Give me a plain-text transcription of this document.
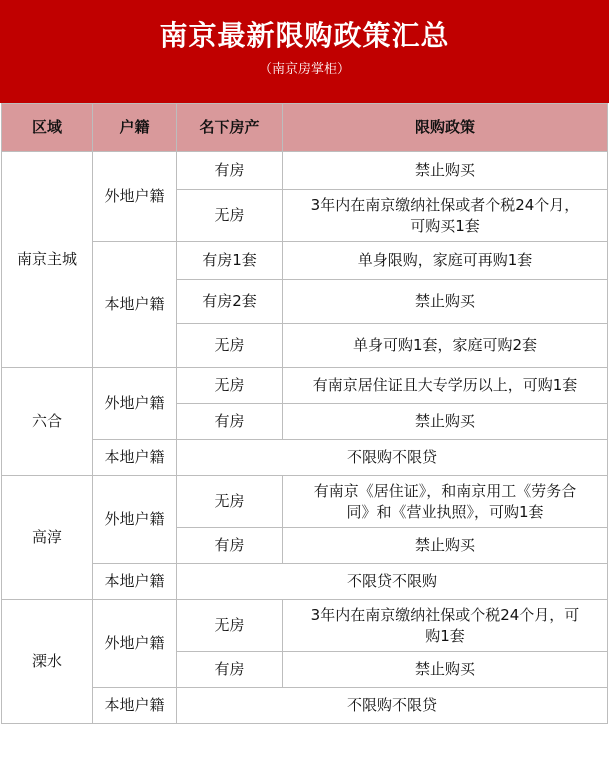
南京最新限购政策汇总
（南京房掌柜）
区域	户籍	名下房产	限购政策
南京主城	外地户籍	有房	禁止购买
		无房	3年内在南京缴纳社保或者个税24个月，
可购买1套

	本地户籍	有房1套	单身限购，家庭可再购1套
		有房2套	禁止购买
		无房	单身可购1套，家庭可购2套
六合	外地户籍	无房	有南京居住证且大专学历以上，可购1套
		有房	禁止购买
	本地户籍	不限购不限贷	
高淳	外地户籍	无房	有南京《居住证》，和南京用工《劳务合
同》和《营业执照》，可购1套

		有房	禁止购买
	本地户籍	不限贷不限购	
溧水	外地户籍	无房	3年内在南京缴纳社保或个税24个月，可
购1套

		有房	禁止购买
	本地户籍	不限购不限贷	
